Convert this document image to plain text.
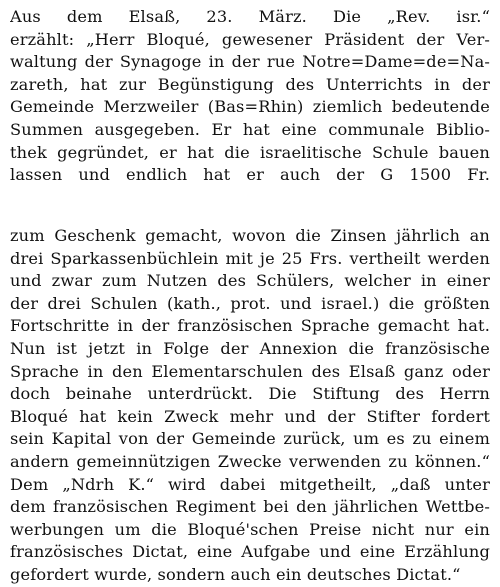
Aus dem Elsaß, 23. März. Die „Rev. isr.“
erzählt: „Herr Bloqué, gewesener Präsident der Ver-
waltung der Synagoge in der rue Notre=Dame=de=Na-
zareth, hat zur Begünstigung des Unterrichts in der
Gemeinde Merzweiler (Bas=Rhin) ziemlich bedeutende
Summen ausgegeben. Er hat eine communale Biblio-
thek gegründet, er hat die israelitische Schule bauen
lassen und endlich hat er auch der G 1500 Fr.
zum Geschenk gemacht, wovon die Zinsen jährlich an
drei Sparkassenbüchlein mit je 25 Frs. vertheilt werden
und zwar zum Nutzen des Schülers, welcher in einer
der drei Schulen (kath., prot. und israel.) die größten
Fortschritte in der französischen Sprache gemacht hat.
Nun ist jetzt in Folge der Annexion die französische
Sprache in den Elementarschulen des Elsaß ganz oder
doch beinahe unterdrückt. Die Stiftung des Herrn
Bloqué hat kein Zweck mehr und der Stifter fordert
sein Kapital von der Gemeinde zurück, um es zu einem
andern gemeinnützigen Zwecke verwenden zu können.“
Dem „Ndrh K.“ wird dabei mitgetheilt, „daß unter
dem französischen Regiment bei den jährlichen Wettbe-
werbungen um die Bloqué'schen Preise nicht nur ein
französisches Dictat, eine Aufgabe und eine Erzählung
gefordert wurde, sondern auch ein deutsches Dictat.“
